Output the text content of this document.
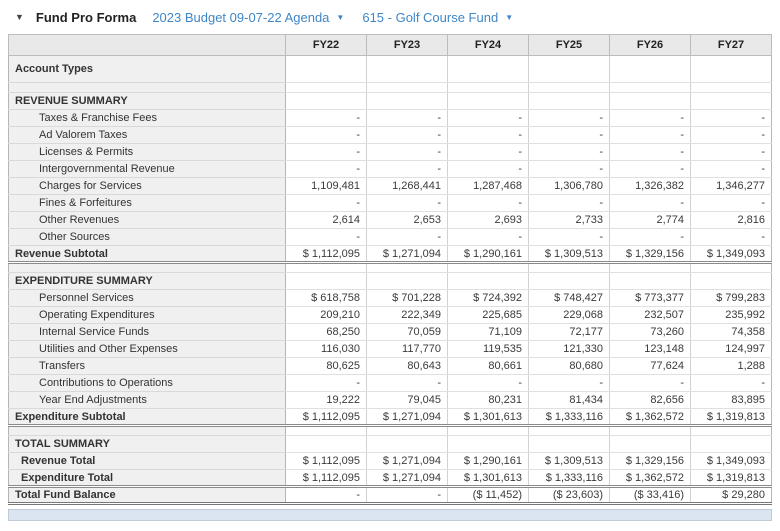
▼ Fund Pro Forma 2023 Budget 09-07-22 Agenda ▼ 615 - Golf Course Fund ▼
	FY22	FY23	FY24	FY25	FY26	FY27
Account Types						

REVENUE SUMMARY						
Taxes & Franchise Fees	-	-	-	-	-	-
Ad Valorem Taxes	-	-	-	-	-	-
Licenses & Permits	-	-	-	-	-	-
Intergovernmental Revenue	-	-	-	-	-	-
Charges for Services	1,109,481	1,268,441	1,287,468	1,306,780	1,326,382	1,346,277
Fines & Forfeitures	-	-	-	-	-	-
Other Revenues	2,614	2,653	2,693	2,733	2,774	2,816
Other Sources	-	-	-	-	-	-
Revenue Subtotal	$ 1,112,095	$ 1,271,094	$ 1,290,161	$ 1,309,513	$ 1,329,156	$ 1,349,093

EXPENDITURE SUMMARY						
Personnel Services	$ 618,758	$ 701,228	$ 724,392	$ 748,427	$ 773,377	$ 799,283
Operating Expenditures	209,210	222,349	225,685	229,068	232,507	235,992
Internal Service Funds	68,250	70,059	71,109	72,177	73,260	74,358
Utilities and Other Expenses	116,030	117,770	119,535	121,330	123,148	124,997
Transfers	80,625	80,643	80,661	80,680	77,624	1,288
Contributions to Operations	-	-	-	-	-	-
Year End Adjustments	19,222	79,045	80,231	81,434	82,656	83,895
Expenditure Subtotal	$ 1,112,095	$ 1,271,094	$ 1,301,613	$ 1,333,116	$ 1,362,572	$ 1,319,813

TOTAL SUMMARY						
Revenue Total	$ 1,112,095	$ 1,271,094	$ 1,290,161	$ 1,309,513	$ 1,329,156	$ 1,349,093
Expenditure Total	$ 1,112,095	$ 1,271,094	$ 1,301,613	$ 1,333,116	$ 1,362,572	$ 1,319,813
Total Fund Balance	-	-	($ 11,452)	($ 23,603)	($ 33,416)	$ 29,280
